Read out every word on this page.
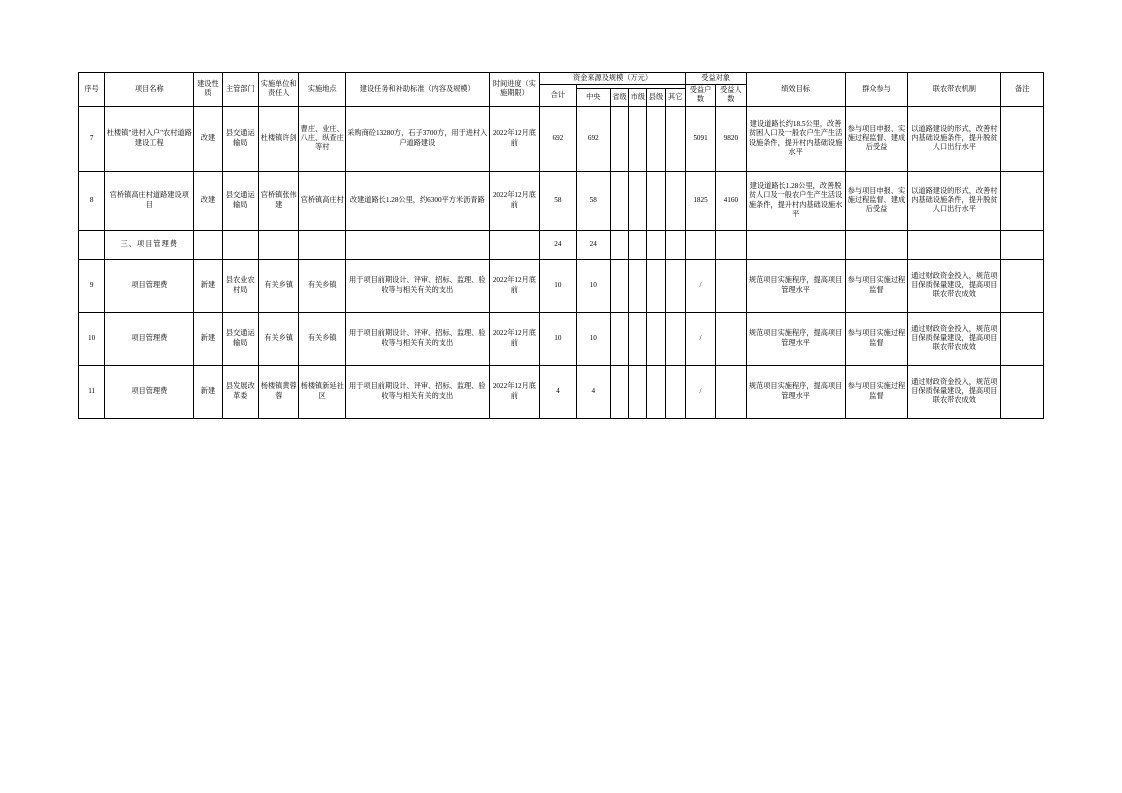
序号	项目名称	建设性质	主管部门	实施单位和责任人	实施地点	建设任务和补助标准（内容及规模）	时间进度（实施期限）	资金来源及规模（万元）						受益对象		绩效目标	群众参与	联农带农机制	备注
								合计						受益户数	受益人数				
									中央	省级	市级	县级	其它						
7	杜楼镇"进村入户"农村道路建设工程	改建	县交通运输局	杜楼镇许剑	曹庄、业庄、八庄、纵查庄等村	采购商砼13280方，石子3700方，用于进村入户道路建设	2022年12月底前	692	692					5091	9820	建设道路长约18.5公里，改善贫困人口及一般农户生产生活设施条件，提升村内基础设施水平	参与项目申报、实施过程监督、建成后受益	以道路建设的形式，改善村内基础设施条件，提升脱贫人口出行水平	
8	官桥镇高庄村道路建设项目	改建	县交通运输局	官桥镇张伟建	官桥镇高庄村	改建道路长1.28公里，约6300平方米沥青路	2022年12月底前	58	58					1825	4160	建设道路长1.28公里，改善脱贫人口及一般农户生产生活设施条件，提升村内基础设施水平	参与项目申报、实施过程监督、建成后受益	以道路建设的形式，改善村内基础设施条件，提升脱贫人口出行水平	
	三、项目管理费							24	24										
9	项目管理费	新建	县农业农村局	有关乡镇	有关乡镇	用于项目前期设计、评审、招标、监理、验收等与相关有关的支出	2022年12月底前	10	10					/		规范项目实施程序，提高项目管理水平	参与项目实施过程监督	通过财政资金投入，规范项目保质保量建设，提高项目联农带农成效	
10	项目管理费	新建	县交通运输局	有关乡镇	有关乡镇	用于项目前期设计、评审、招标、监理、验收等与相关有关的支出	2022年12月底前	10	10					/		规范项目实施程序，提高项目管理水平	参与项目实施过程监督	通过财政资金投入，规范项目保质保量建设，提高项目联农带农成效	
11	项目管理费	新建	县发展改革委	杨楼镇黄蓉蓉	杨楼镇新延社区	用于项目前期设计、评审、招标、监理、验收等与相关有关的支出	2022年12月底前	4	4					/		规范项目实施程序，提高项目管理水平	参与项目实施过程监督	通过财政资金投入，规范项目保质保量建设，提高项目联农带农成效	
